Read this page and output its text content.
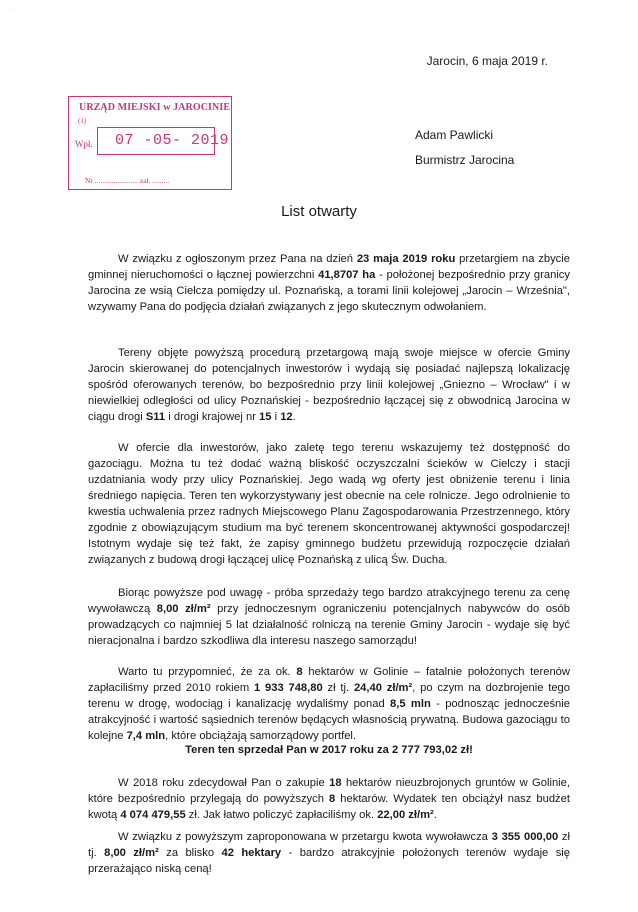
· ·
Jarocin, 6 maja 2019 r.
URZĄD MIEJSKI w JAROCINIE
(1)
Wpł. 07 -05- 2019
Nr ....................... zał. .........
Adam Pawlicki
Burmistrz Jarocina
List otwarty

W związku z ogłoszonym przez Pana na dzień 23 maja 2019 roku przetargiem na zbycie gminnej nieruchomości o łącznej powierzchni 41,8707 ha - położonej bezpośrednio przy granicy Jarocina ze wsią Cielcza pomiędzy ul. Poznańską, a torami linii kolejowej „Jarocin – Września", wzywamy Pana do podjęcia działań związanych z jego skutecznym odwołaniem.

Tereny objęte powyższą procedurą przetargową mają swoje miejsce w ofercie Gminy Jarocin skierowanej do potencjalnych inwestorów i wydają się posiadać najlepszą lokalizację spośród oferowanych terenów, bo bezpośrednio przy linii kolejowej „Gniezno – Wrocław" i w niewielkiej odległości od ulicy Poznańskiej - bezpośrednio łączącej się z obwodnicą Jarocina w ciągu drogi S11 i drogi krajowej nr 15 i 12.

W ofercie dla inwestorów, jako zaletę tego terenu wskazujemy też dostępność do gazociągu. Można tu też dodać ważną bliskość oczyszczalni ścieków w Cielczy i stacji uzdatniania wody przy ulicy Poznańskiej. Jego wadą wg oferty jest obniżenie terenu i linia średniego napięcia. Teren ten wykorzystywany jest obecnie na cele rolnicze. Jego odrolnienie to kwestia uchwalenia przez radnych Miejscowego Planu Zagospodarowania Przestrzennego, który zgodnie z obowiązującym studium ma być terenem skoncentrowanej aktywności gospodarczej! Istotnym wydaje się też fakt, że zapisy gminnego budżetu przewidują rozpoczęcie działań związanych z budową drogi łączącej ulicę Poznańską z ulicą Św. Ducha.

Biorąc powyższe pod uwagę - próba sprzedaży tego bardzo atrakcyjnego terenu za cenę wywoławczą 8,00 zł/m² przy jednoczesnym ograniczeniu potencjalnych nabywców do osób prowadzących co najmniej 5 lat działalność rolniczą na terenie Gminy Jarocin - wydaje się być nieracjonalna i bardzo szkodliwa dla interesu naszego samorządu!

Warto tu przypomnieć, że za ok. 8 hektarów w Golinie – fatalnie położonych terenów zapłaciliśmy przed 2010 rokiem 1 933 748,80 zł tj. 24,40 zł/m², po czym na dozbrojenie tego terenu w drogę, wodociąg i kanalizację wydaliśmy ponad 8,5 mln - podnosząc jednocześnie atrakcyjność i wartość sąsiednich terenów będących własnością prywatną. Budowa gazociągu to kolejne 7,4 mln, które obciążają samorządowy portfel.

Teren ten sprzedał Pan w 2017 roku za 2 777 793,02 zł!

W 2018 roku zdecydował Pan o zakupie 18 hektarów nieuzbrojonych gruntów w Golinie, które bezpośrednio przylegają do powyższych 8 hektarów. Wydatek ten obciążył nasz budżet kwotą 4 074 479,55 zł. Jak łatwo policzyć zapłaciliśmy ok. 22,00 zł/m².

W związku z powyższym zaproponowana w przetargu kwota wywoławcza 3 355 000,00 zł tj. 8,00 zł/m² za blisko 42 hektary - bardzo atrakcyjnie położonych terenów wydaje się przerażająco niską ceną!
